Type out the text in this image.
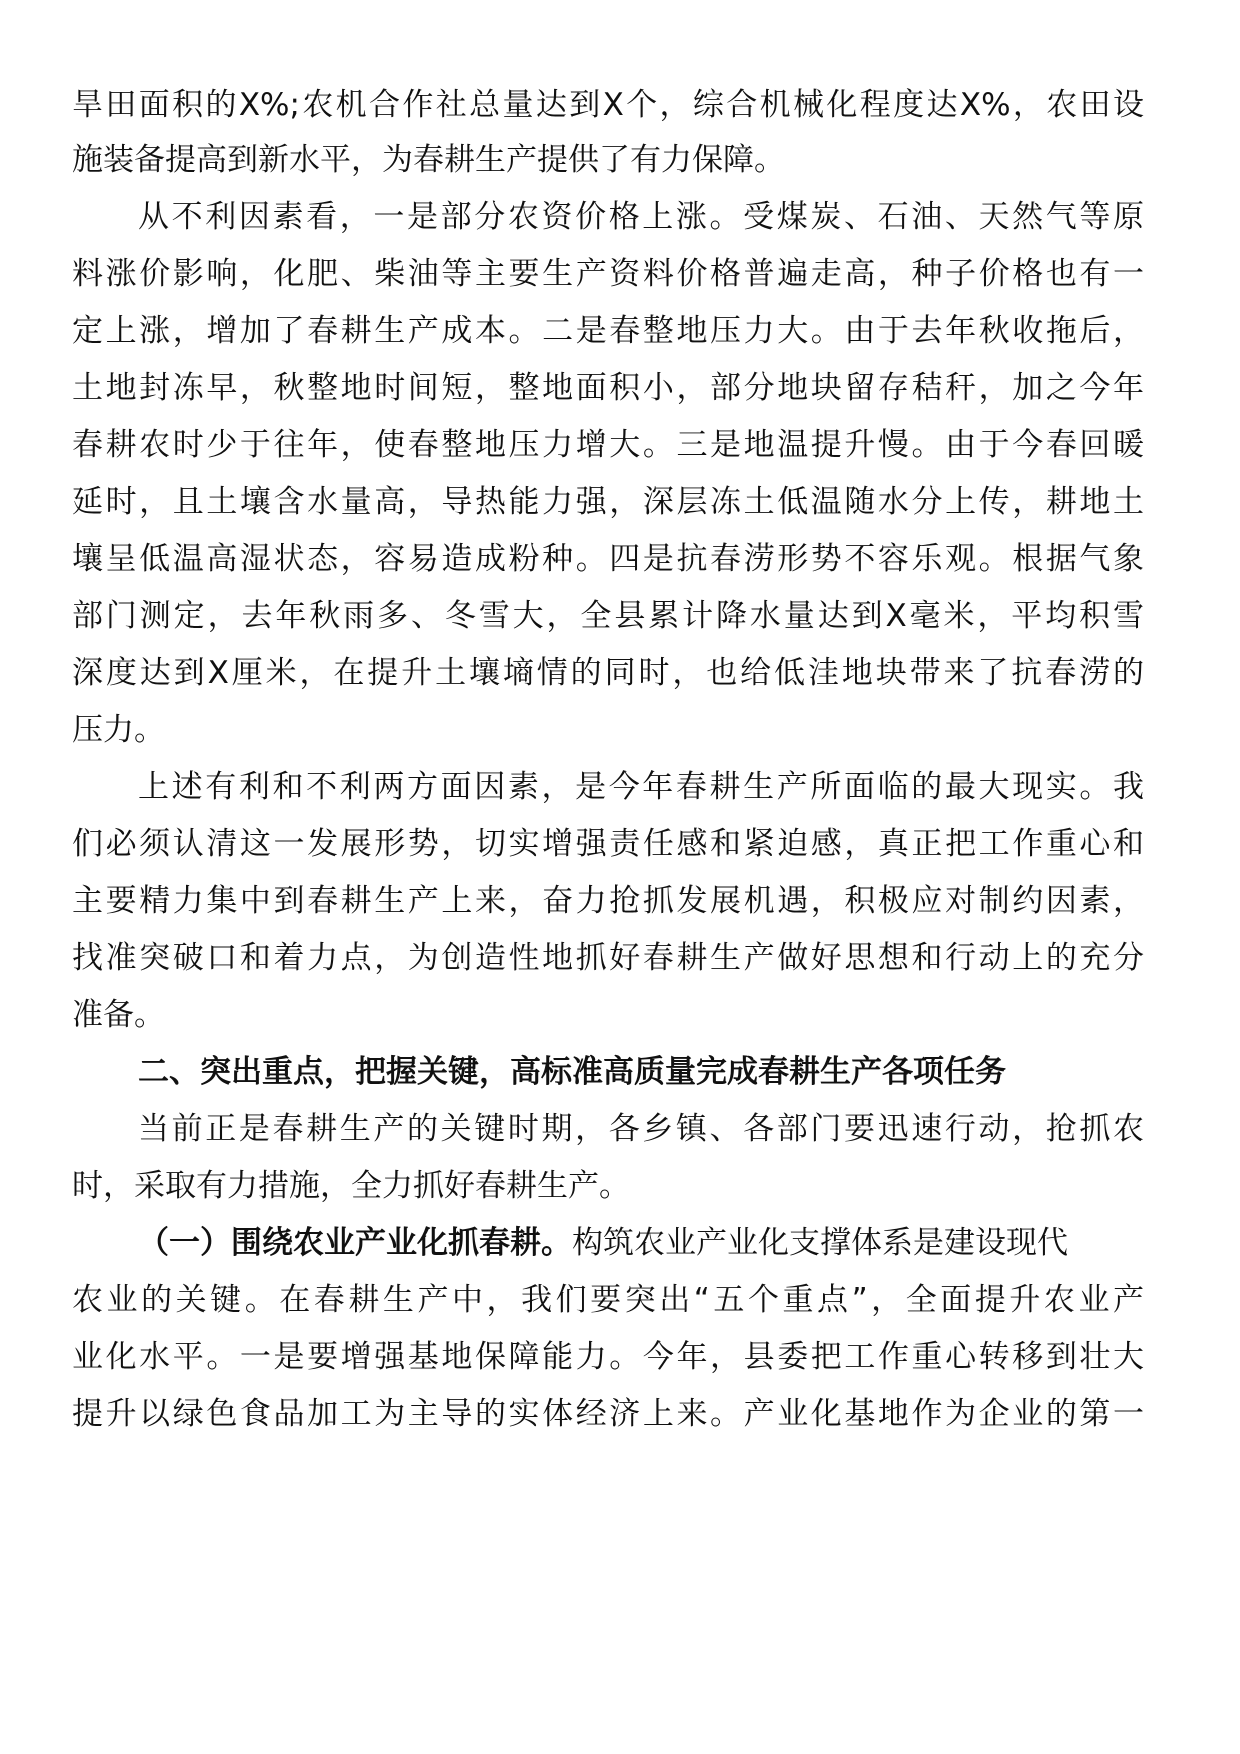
旱田面积的X%;农机合作社总量达到X个，综合机械化程度达X%，农田设
施装备提高到新水平，为春耕生产提供了有力保障。
从不利因素看，一是部分农资价格上涨。受煤炭、石油、天然气等原
料涨价影响，化肥、柴油等主要生产资料价格普遍走高，种子价格也有一
定上涨，增加了春耕生产成本。二是春整地压力大。由于去年秋收拖后，
土地封冻早，秋整地时间短，整地面积小，部分地块留存秸秆，加之今年
春耕农时少于往年，使春整地压力增大。三是地温提升慢。由于今春回暖
延时，且土壤含水量高，导热能力强，深层冻土低温随水分上传，耕地土
壤呈低温高湿状态，容易造成粉种。四是抗春涝形势不容乐观。根据气象
部门测定，去年秋雨多、冬雪大，全县累计降水量达到X毫米，平均积雪
深度达到X厘米，在提升土壤墒情的同时，也给低洼地块带来了抗春涝的
压力。
上述有利和不利两方面因素，是今年春耕生产所面临的最大现实。我
们必须认清这一发展形势，切实增强责任感和紧迫感，真正把工作重心和
主要精力集中到春耕生产上来，奋力抢抓发展机遇，积极应对制约因素，
找准突破口和着力点，为创造性地抓好春耕生产做好思想和行动上的充分
准备。
二、突出重点，把握关键，高标准高质量完成春耕生产各项任务
当前正是春耕生产的关键时期，各乡镇、各部门要迅速行动，抢抓农
时，采取有力措施，全力抓好春耕生产。
（一）围绕农业产业化抓春耕。构筑农业产业化支撑体系是建设现代
农业的关键。在春耕生产中，我们要突出“五个重点”，全面提升农业产
业化水平。一是要增强基地保障能力。今年，县委把工作重心转移到壮大
提升以绿色食品加工为主导的实体经济上来。产业化基地作为企业的第一
